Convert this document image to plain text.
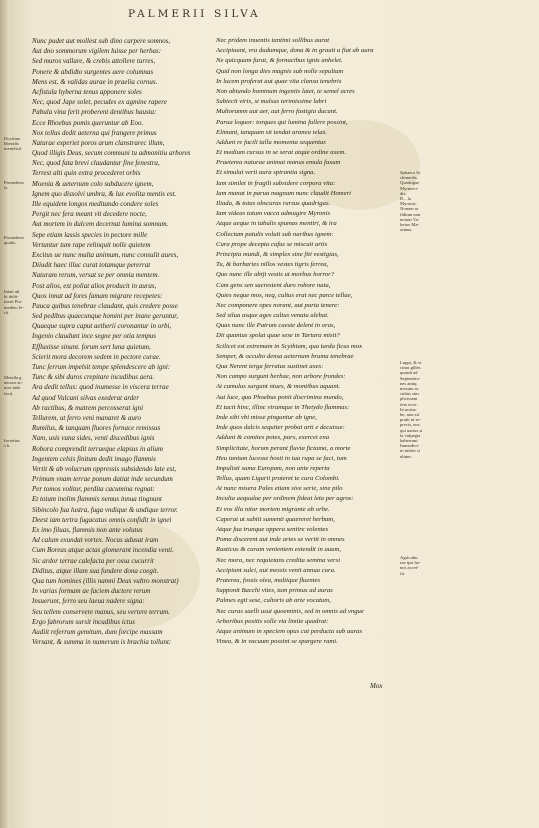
PALMERII SILVA
Doctrina
liberalis
meneficit
Prometheo
is.
Prometheo
qualis.
Inlati ali
bi dolti-
tuerit Pro-
metheo fe-
rit.
Metalla g
neroso ac-
mes inde
facit.
Incertius
s b.
Nunc pudet aut mollest sub dino carpere somnos,
Aut dno sommorum vigilem luisse per herbas:
Sed muros vallare, & crebis attollere turres,
Ponere & abdidto surgentes aere columnas
Mens est, & validas aurae in praelia cornus.
Acfistula hyberna tenus apponere soles
Nec, quod Jape solet, pecudes ex agmine rapere
Pabula vina ferit proberent dentibus hausta:
Ecce Rhoebus pomis queruntur ab Eoo.
Nox tellus dedit aeterna qui frangere primus
Naturae experiet poros arum clanstrarec illum,
Quod illigis Deus, secum communi tu admonitiu arbores
Nec, quod fata brevi claudantur fine fenestra,
Terrest alti quin extra procederet orbis
Moenia & aeternum colo subducere ignem,
Ignem quo dissolvi umbra, & lux evolita mentis est.
Ille equidem longos meditando condere soles
Pergit nec fera meant vit decedere nocte,
Aut mortem in dulcem decernat lumina somnum.
Sepe etiam lassis species in pectore mille
Vertuntur tum rape relinquit nolle quietem
Excitus ue nunc multa animum, nunc consulit aures,
Diiudit haec illuc curat totamque pererrat
Naturam rerum, versat se per omnia mentem.
Post alios, est poliat alios producit in auras,
Quos innat ad fores famam migrare recepetes:
Pauca quibus tenebrae claudant, quis credere posse
Sed pedibus quaecunque homini per inane geruntur,
Quaeque supra caput aetherii coronantur in orbi,
Ingenio claudunt ince segne per otia tempus
Effluxisse sinunt. forum sert luna quietum,
Scierit mora decorem sedem in pectore curae.
Tunc ferrum impelsit tempe splendescere ab igni:
Tunc & sibi duros crepitare incudibus aera.
Ara dedit tellus: quod inumesse in viscera terrae
Ad quod Vulcani silvas exederat arder
Ab ractibus, & matrem percosserat igni
Tellurem, ut ferro veni manaret & auro
Rumilus, & tanquam fluores fornace remissus
Nam, usis vana sides, venti discedibus ignis
Robora comprendit terraeque elapsus in alium
Ingentem celsis finitum dedit imago flammis
Vertit & ab volucrum oppressis subsidendo late est,
Primum vnam terrae ponum datiat inde secundum
Per tomos volitor, perdita cacumina regnat:
Et totum inolim flammis nemus innua tingnunt
Sibincolo fua lustra, fuga vndique & undique terror.
Deest iam tertra fugacatus omnis confidit in ignei
Ex imo filuas, flammis non ante volutus
Ad calum exundat vortex. Nocus adusat iram
Cum Boreas atque actas glomerant incendia venti.
Sic ardor terrae calefacta per ossa cucurrit
Diditus, atque illam sua fundere dona coegit.
Qua tum homines (illis namni Deus vultro monstrat)
In varias formam ae faciem ductere rerum
Insuerunt, ferro seu laeua nadere signa:
Seu tellem conservere manus, seu vertere terram.
Ergo fabrorum sursit incudibus ictus
Audiit referrum gemitum, dum forcipe massam
Versant, & summa in numerum is brachia tollunt:
Nec pridem inuentis tantimi sollibus aurat
Accipiuunt, vra dudumque, dona & in grauit a fiat ab aura
Ne quicquam furat, & fornacibus ignis anhelet.
Quid non longa dies magnis sub nolle sepultum
In lucem proferat aut quae vita clansa tenebris
Non abiundo hominum ingeniis latet, te semel acres
Subiecit viris, si mulsus terimissime labri
Multorumm aut aer, aut ferro fastigia ducunt.
Parua loquor: torques qui lumina fallere possint,
Elimant, tanquam sit tendat aranea telas.
Addunt re facili tallu momenta sequentur.
Et medium cursus in se serat atque ordine axem.
Praeterea naturae animat manus emula faxum
Et simulat verti aura spirantia signa.
Iam similet in fragili subsidere corpora vita:
Iam manat in parua magnam nunc claudit Homeri
Iliada, & totas obscuras rursus quadrigas.
Iam videas totum vacca admugire Myronis
Atque aeque in tabulis spumas mentiri, & ira
Collectum patulis voluit sub naribus ignem:
Cura prope decepta cafus se miscuit artis
Principia mundi, & simplex sine fiti vestigias,
Tu, & barbaries nillos vestes tigris ferrea,
Quo nunc ille abijt vestis ut morbus horror?
Cum gens sen sacrestent duro robore nata,
Quies neque mos, neq, cultus erat nec parce tellae,
Nec componere opes norant, aut parta tenere:
Sed silua asque ages cultus venatu alebat.
Quas nunc ille Patrum caeste delent in oras,
Dii quantus spolat quae sese in Tartara misit?
Scilicet est extremam in Scythiam, qua tarda ficus mox
Semper, & occulto densa aeternum bruma tenebrae
Qua Nerent terga ferratus sustinet axes:
Non campo surgunt herbae, non arbore frondes:
At cumulus surgunt niues, & montibus aquant.
Aut luce, qua Phoebus ponit discrimina mundo,
Et tacit hinc, illinc viramque in Thetydo flammas:
Inde sibi vbi misse pinguntur ab igne,
Inde quos dulcis sequiter probat arti e decuisse:
Addunt & comites potes, pars, exercet ena
Simplicitate, horum perant fluvia fictama, a morte
Heu tantum lucesse hosti in tua rupa se faci, tum
Impulisti sama Europam, non ante reperta
Tellus, quam Ligurii proteret te cura Colombi.
At nunc misera Pales etiam sive serie, sine pilo
Inculta aequalae per ordinem fideat leta per agros:
Et vos illa nitor mortem migrante ab orbe.
Caperat ut subiit sumenti quaereret herbam,
Atque fua trunque oppera sentire volentes
Poma discerent aut inde artes se vertit in omnes
Rusticus & curam venientem extendit in auum,
Nec mora, nec requietans credita semina versi
Accipiunt sulci, aut messis venit annua cura.
Praterea, fossis olea, multique fluentes
Supponit Bacchi vites, tum primus ad auras
Palmes egit sese, cultoris ab arte vocatum,
Nec curas saelli usui quoeminis, sed in omnis ad vngue
Arboribus positis solle via limite quadrat:
Atque animum in speciem opus cat perducta sub auras
Vinea, & in vacuum possint se spargere rami.
Sphaera Ar
chimedis.
Quadrigae
Myrmeci-
dis.
B... la
Myronis.
Nomen ar
fidium non
notum Va-
lerius Ma-
ximus.
Luppi, & vi
cinas gilles
quasdi ad
Septentrio-
nes antiq
mosum ac
cultus sim
plicissem
fere ecce.
In nostro
be, non sit
praiti nt se-
precis, nos
qui uarius si
la vulpegia
haberrunt
Immodice
in indies si
ultum.
Agricultu
rae ipsi ho-
nos accef-
fit.
Mox
